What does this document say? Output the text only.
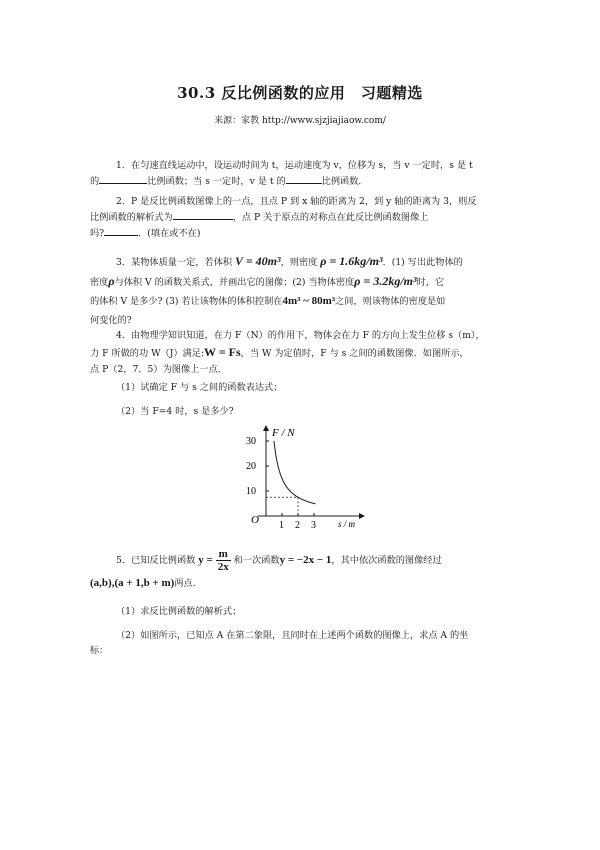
30.3 反比例函数的应用　习题精选
来源：家教 http://www.sjzjiajiaow.com/
1．在匀速直线运动中，设运动时间为 t，运动速度为 v，位移为 s，当 v 一定时，s 是 t
的	比例函数；当 s 一定时，v 是 t 的	比例函数．
2．P 是反比例函数图像上的一点，且点 P 到 x 轴的距离为 2，到 y 轴的距离为 3，则反
比例函数的解析式为	，点 P 关于原点的对称点在此反比例函数图像上
吗?	．(填在或不在)
3．某物体质量一定，若体积 V = 40m³，则密度 ρ = 1.6kg/m³．(1) 写出此物体的
密度ρ与体积 V 的函数关系式，并画出它的图像；(2) 当物体密度ρ = 3.2kg/m³时，它
的体积 V 是多少? (3) 若让该物体的体积控制在4m³ ~ 80m³之间，则该物体的密度是如
何变化的?
4．由物理学知识知道，在力 F（N）的作用下，物体会在力 F 的方向上发生位移 s（m），
力 F 所做的功 W（J）满足:W = Fs，当 W 为定值时，F 与 s 之间的函数图像．如图所示，
点 P（2，7．5）为图像上一点．
（1）试确定 F 与 s 之间的函数表达式；
（2）当 F=4 时，s 是多少?
F / N
s / m
O
30
20
10
1 2 3
5．已知反比例函数 $y = \frac{m}{2x}$ 和一次函数y = −2x − 1，其中依次函数的图像经过
(a,b),(a + 1,b + m)两点.
（1）求反比例函数的解析式；
（2）如图所示，已知点 A 在第二象限，且同时在上述两个函数的图像上，求点 A 的坐
标：
